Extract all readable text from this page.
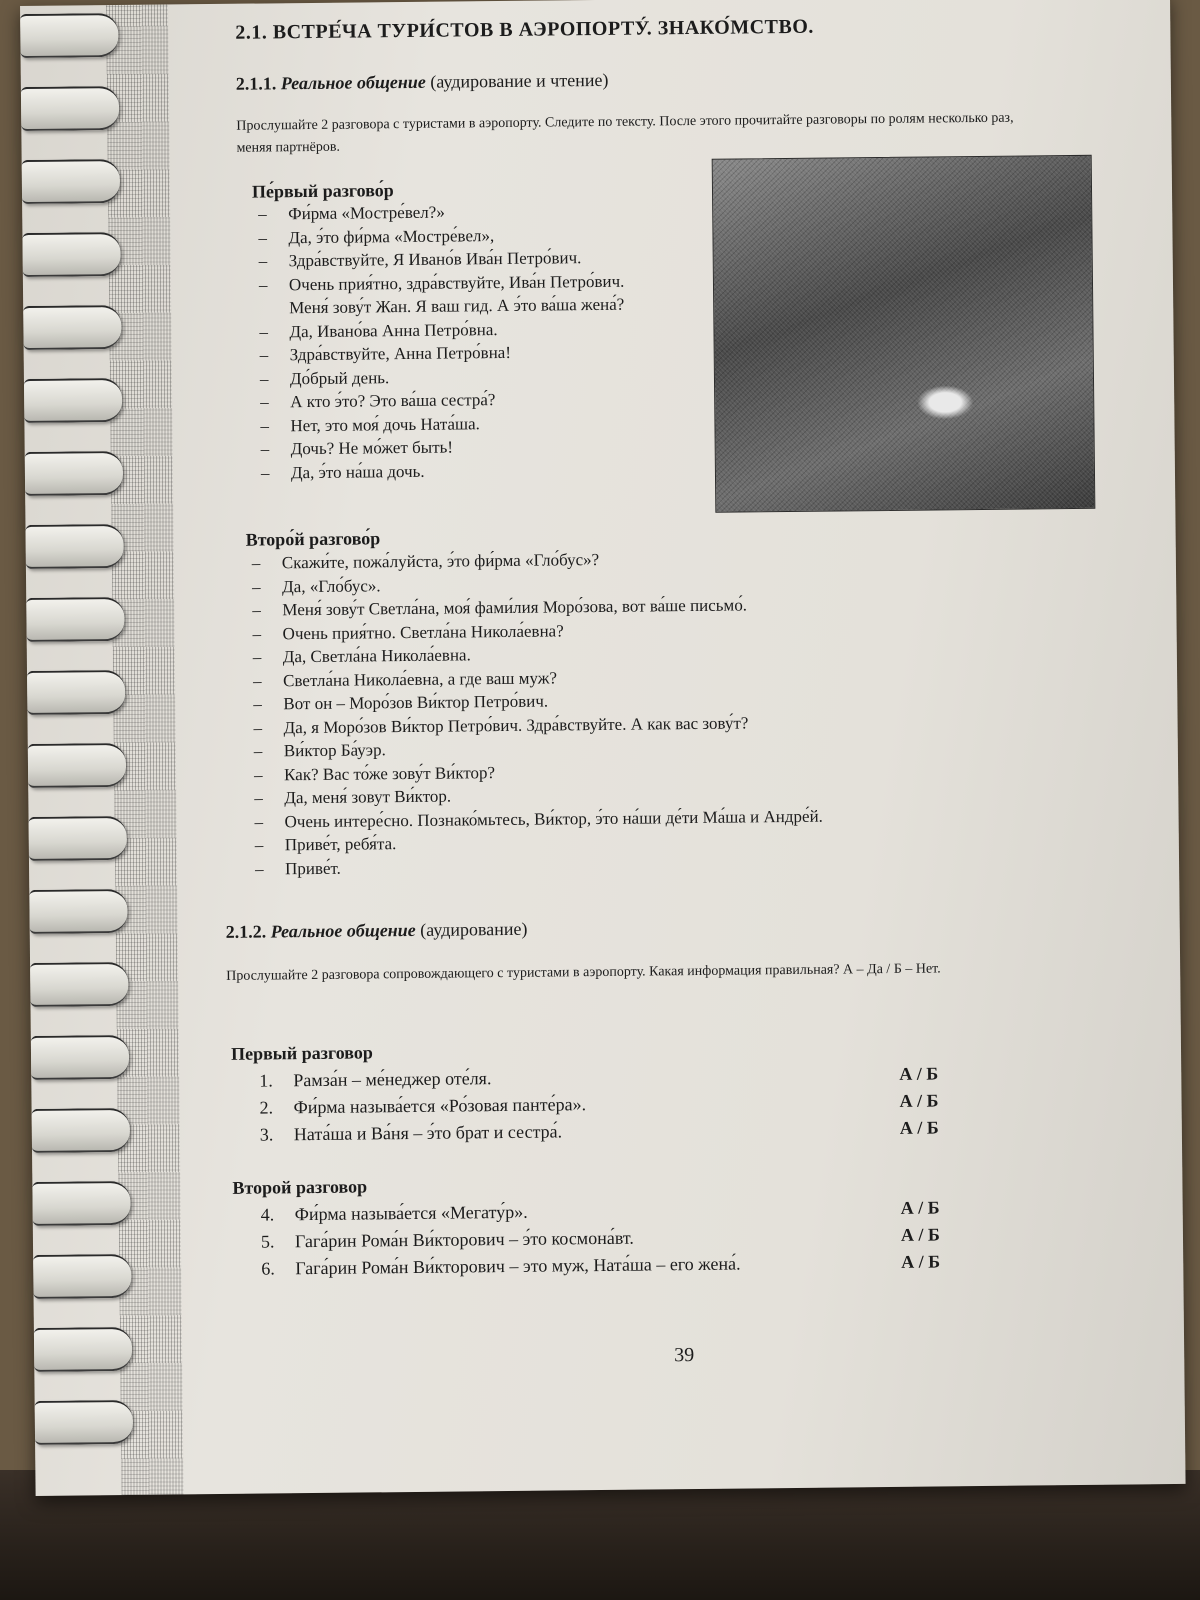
2.1. ВСТРЕ́ЧА ТУРИ́СТОВ В АЭРОПОРТУ́. ЗНАКО́МСТВО.
2.1.1. Реальное общение (аудирование и чтение)
Прослушайте 2 разговора с туристами в аэропорту. Следите по тексту. После этого прочитайте разговоры по ролям несколько раз, меняя партнёров.
Пе́рвый разгово́р
– Фи́рма «Мостре́вел?»
– Да, э́то фи́рма «Мостре́вел»,
– Здра́вствуйте, Я Ивано́в Ива́н Петро́вич.
– Очень прия́тно, здра́вствуйте, Ива́н Петро́вич. Меня́ зову́т Жан. Я ваш гид. А э́то ва́ша жена́?
– Да, Ивано́ва Анна Петро́вна.
– Здра́вствуйте, Анна Петро́вна!
– До́брый день.
– А кто э́то? Это ва́ша сестра́?
– Нет, это моя́ дочь Ната́ша.
– Дочь? Не мо́жет быть!
– Да, э́то на́ша дочь.
Второ́й разгово́р
– Скажи́те, пожа́луйста, э́то фи́рма «Гло́бус»?
– Да, «Гло́бус».
– Меня́ зову́т Светла́на, моя́ фами́лия Моро́зова, вот ва́ше письмо́.
– Очень прия́тно. Светла́на Никола́евна?
– Да, Светла́на Никола́евна.
– Светла́на Никола́евна, а где ваш муж?
– Вот он – Моро́зов Ви́ктор Петро́вич.
– Да, я Моро́зов Ви́ктор Петро́вич. Здра́вствуйте. А как вас зову́т?
– Ви́ктор Ба́уэр.
– Как? Вас то́же зову́т Ви́ктор?
– Да, меня́ зовут Ви́ктор.
– Очень интере́сно. Познако́мьтесь, Ви́ктор, э́то на́ши де́ти Ма́ша и Андре́й.
– Приве́т, ребя́та.
– Приве́т.
2.1.2. Реальное общение (аудирование)
Прослушайте 2 разговора сопровождающего с туристами в аэропорту. Какая информация правильная? А – Да / Б – Нет.
Первый разговор
1. Рамза́н – ме́неджер оте́ля.	А / Б
2. Фи́рма называ́ется «Ро́зовая панте́ра».	А / Б
3. Ната́ша и Ва́ня – э́то брат и сестра́.	А / Б
Второй разговор
4. Фи́рма называ́ется «Мегату́р».	А / Б
5. Гага́рин Рома́н Ви́кторович – э́то космона́вт.	А / Б
6. Гага́рин Рома́н Ви́кторович – это муж, Ната́ша – его жена́.	А / Б
39
